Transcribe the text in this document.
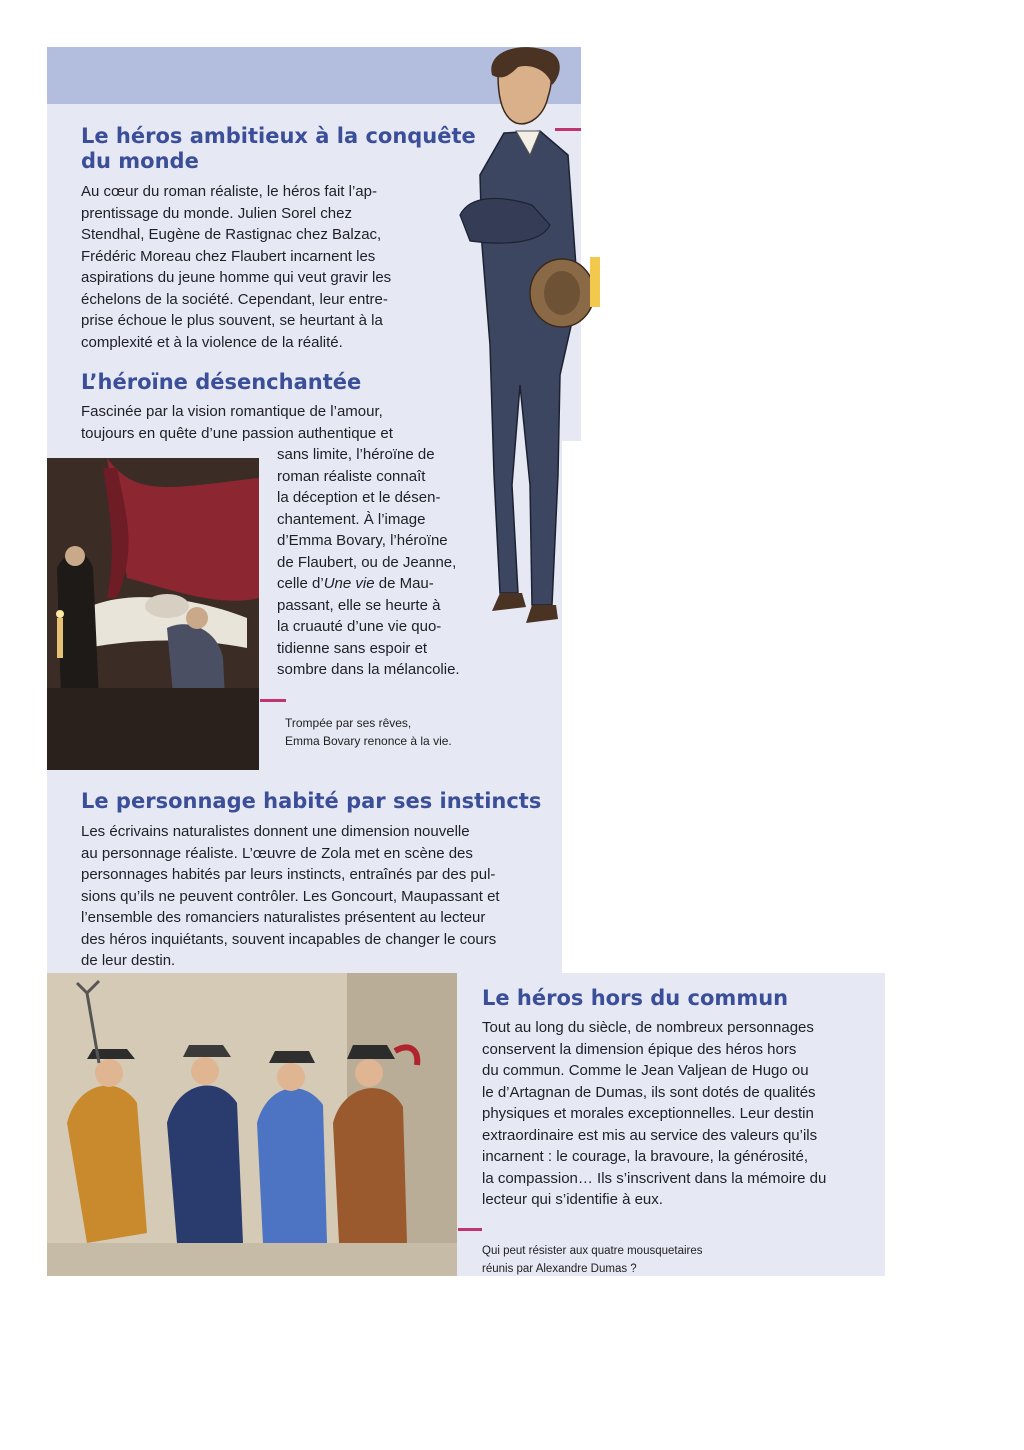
Le héros ambitieux à la conquête
du monde

Au cœur du roman réaliste, le héros fait l’ap-
prentissage du monde. Julien Sorel chez
Stendhal, Eugène de Rastignac chez Balzac,
Frédéric Moreau chez Flaubert incarnent les
aspirations du jeune homme qui veut gravir les
échelons de la société. Cependant, leur entre-
prise échoue le plus souvent, se heurtant à la
complexité et à la violence de la réalité.

L’héroïne désenchantée

Fascinée par la vision romantique de l’amour,
toujours en quête d’une passion authentique et

sans limite, l’héroïne de
roman réaliste connaît
la déception et le désen-
chantement. À l’image
d’Emma Bovary, l’héroïne
de Flaubert, ou de Jeanne,
celle d’Une vie de Mau-
passant, elle se heurte à
la cruauté d’une vie quo-
tidienne sans espoir et
sombre dans la mélancolie.

Trompée par ses rêves,
Emma Bovary renonce à la vie.

Le personnage habité par ses instincts

Les écrivains naturalistes donnent une dimension nouvelle
au personnage réaliste. L’œuvre de Zola met en scène des
personnages habités par leurs instincts, entraînés par des pul-
sions qu’ils ne peuvent contrôler. Les Goncourt, Maupassant et
l’ensemble des romanciers naturalistes présentent au lecteur
des héros inquiétants, souvent incapables de changer le cours
de leur destin.

Le héros hors du commun

Tout au long du siècle, de nombreux personnages
conservent la dimension épique des héros hors
du commun. Comme le Jean Valjean de Hugo ou
le d’Artagnan de Dumas, ils sont dotés de qualités
physiques et morales exceptionnelles. Leur destin
extraordinaire est mis au service des valeurs qu’ils
incarnent : le courage, la bravoure, la générosité,
la compassion… Ils s’inscrivent dans la mémoire du
lecteur qui s’identifie à eux.

Qui peut résister aux quatre mousquetaires
réunis par Alexandre Dumas ?
